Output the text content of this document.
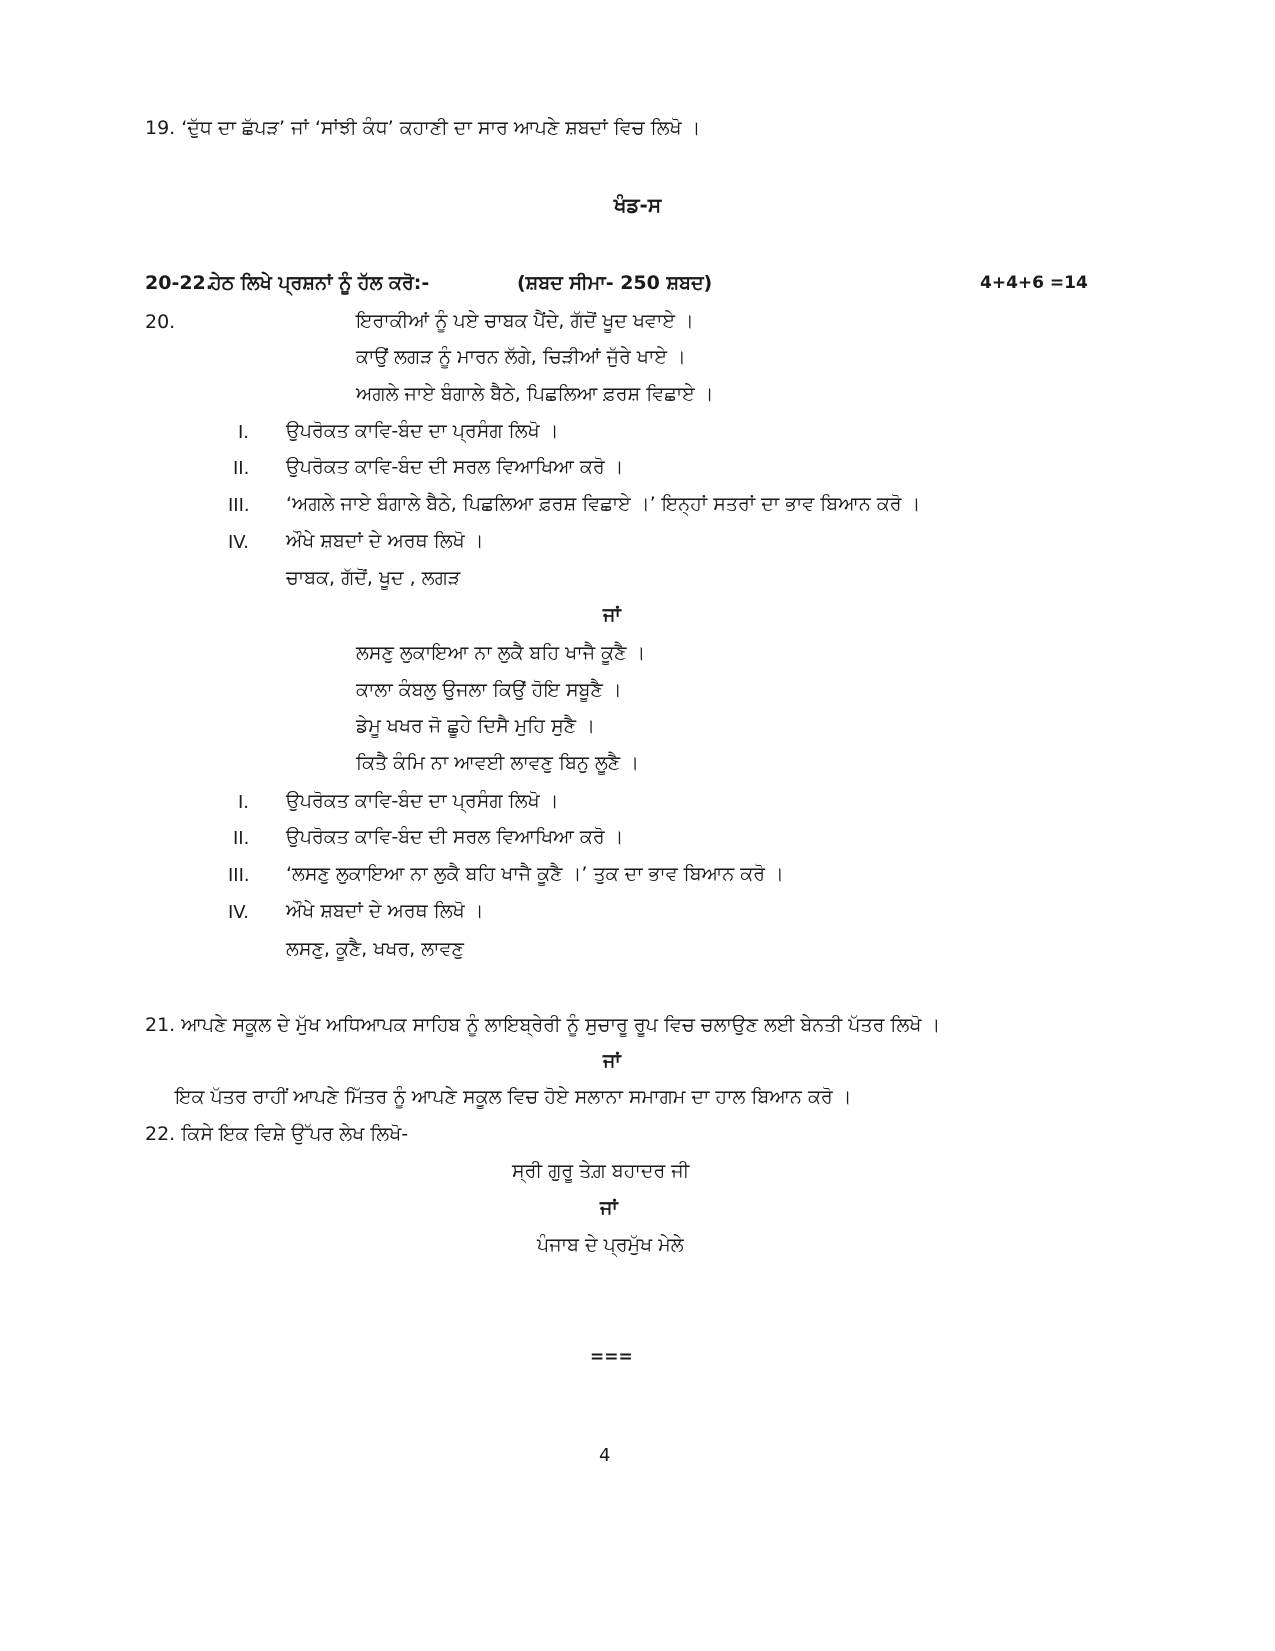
19. ‘ਦੁੱਧ ਦਾ ਛੱਪੜ’ ਜਾਂ ‘ਸਾਂਝੀ ਕੰਧ’ ਕਹਾਣੀ ਦਾ ਸਾਰ ਆਪਣੇ ਸ਼ਬਦਾਂ ਵਿਚ ਲਿਖੋ ।
ਖੰਡ-ਸ
20-22.
ਹੇਠ ਲਿਖੇ ਪ੍ਰਸ਼ਨਾਂ ਨੂੰ ਹੱਲ ਕਰੋ:-	(ਸ਼ਬਦ ਸੀਮਾ- 250 ਸ਼ਬਦ)	4+4+6 =14
20.	ਇਰਾਕੀਆਂ ਨੂੰ ਪਏ ਚਾਬਕ ਪੈਂਦੇ, ਗੱਦੋਂ ਖੂਦ ਖਵਾਏ ।
ਕਾਉਂ ਲਗੜ ਨੂੰ ਮਾਰਨ ਲੱਗੇ, ਚਿੜੀਆਂ ਜੁੱਰੇ ਖਾਏ ।
ਅਗਲੇ ਜਾਏ ਬੰਗਾਲੇ ਬੈਠੇ, ਪਿਛਲਿਆ ਫ਼ਰਸ਼ ਵਿਛਾਏ ।
I. ਉਪਰੋਕਤ ਕਾਵਿ-ਬੰਦ ਦਾ ਪ੍ਰਸੰਗ ਲਿਖੋ ।
II. ਉਪਰੋਕਤ ਕਾਵਿ-ਬੰਦ ਦੀ ਸਰਲ ਵਿਆਖਿਆ ਕਰੋ ।
III. ‘ਅਗਲੇ ਜਾਏ ਬੰਗਾਲੇ ਬੈਠੇ, ਪਿਛਲਿਆ ਫ਼ਰਸ਼ ਵਿਛਾਏ ।’ ਇਨ੍ਹਾਂ ਸਤਰਾਂ ਦਾ ਭਾਵ ਬਿਆਨ ਕਰੋ ।
IV. ਔਖੇ ਸ਼ਬਦਾਂ ਦੇ ਅਰਥ ਲਿਖੋ ।
ਚਾਬਕ, ਗੱਦੋਂ, ਖੂਦ , ਲਗੜ
ਜਾਂ
ਲਸਣੁ ਲੁਕਾਇਆ ਨਾ ਲੁਕੈ ਬਹਿ ਖਾਜੈ ਕੂਣੈ ।
ਕਾਲਾ ਕੰਬਲੁ ਉਜਲਾ ਕਿਉਂ ਹੋਇ ਸਬੂਣੈ ।
ਡੇਮੂ ਖਖਰ ਜੋ ਛੂਹੇ ਦਿਸੈ ਮੁਹਿ ਸੁਣੈ ।
ਕਿਤੈ ਕੰਮਿ ਨਾ ਆਵਈ ਲਾਵਣੁ ਬਿਨੁ ਲੂਣੈ ।
I. ਉਪਰੋਕਤ ਕਾਵਿ-ਬੰਦ ਦਾ ਪ੍ਰਸੰਗ ਲਿਖੋ ।
II. ਉਪਰੋਕਤ ਕਾਵਿ-ਬੰਦ ਦੀ ਸਰਲ ਵਿਆਖਿਆ ਕਰੋ ।
III. ‘ਲਸਣੁ ਲੁਕਾਇਆ ਨਾ ਲੁਕੈ ਬਹਿ ਖਾਜੈ ਕੂਣੈ ।’ ਤੁਕ ਦਾ ਭਾਵ ਬਿਆਨ ਕਰੋ ।
IV. ਔਖੇ ਸ਼ਬਦਾਂ ਦੇ ਅਰਥ ਲਿਖੋ ।
ਲਸਣੁ, ਕੂਣੈ, ਖਖਰ, ਲਾਵਣੁ
21. ਆਪਣੇ ਸਕੂਲ ਦੇ ਮੁੱਖ ਅਧਿਆਪਕ ਸਾਹਿਬ ਨੂੰ ਲਾਇਬ੍ਰੇਰੀ ਨੂੰ ਸੁਚਾਰੂ ਰੂਪ ਵਿਚ ਚਲਾਉਣ ਲਈ ਬੇਨਤੀ ਪੱਤਰ ਲਿਖੋ ।
ਜਾਂ
ਇਕ ਪੱਤਰ ਰਾਹੀਂ ਆਪਣੇ ਮਿੱਤਰ ਨੂੰ ਆਪਣੇ ਸਕੂਲ ਵਿਚ ਹੋਏ ਸਲਾਨਾ ਸਮਾਗਮ ਦਾ ਹਾਲ ਬਿਆਨ ਕਰੋ ।
22. ਕਿਸੇ ਇਕ ਵਿਸ਼ੇ ਉੱਪਰ ਲੇਖ ਲਿਖੋ-
ਸ੍ਰੀ ਗੁਰੂ ਤੇਗ਼ ਬਹਾਦਰ ਜੀ
ਜਾਂ
ਪੰਜਾਬ ਦੇ ਪ੍ਰਮੁੱਖ ਮੇਲੇ
===
4
